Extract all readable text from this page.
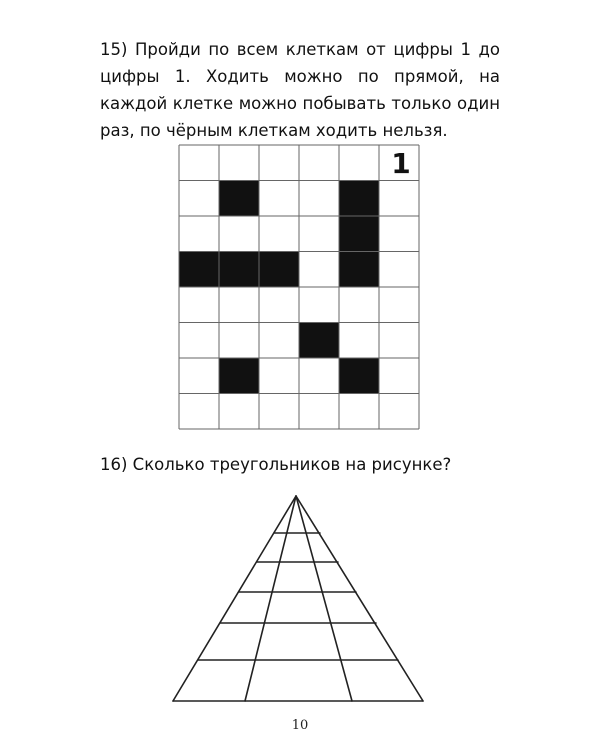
15) Пройди по всем клеткам от цифры 1 до цифры 1. Ходить можно по прямой, на каждой клетке можно побывать только один раз, по чёрным клеткам ходить нельзя.

1

16) Сколько треугольников на рисунке?

10
